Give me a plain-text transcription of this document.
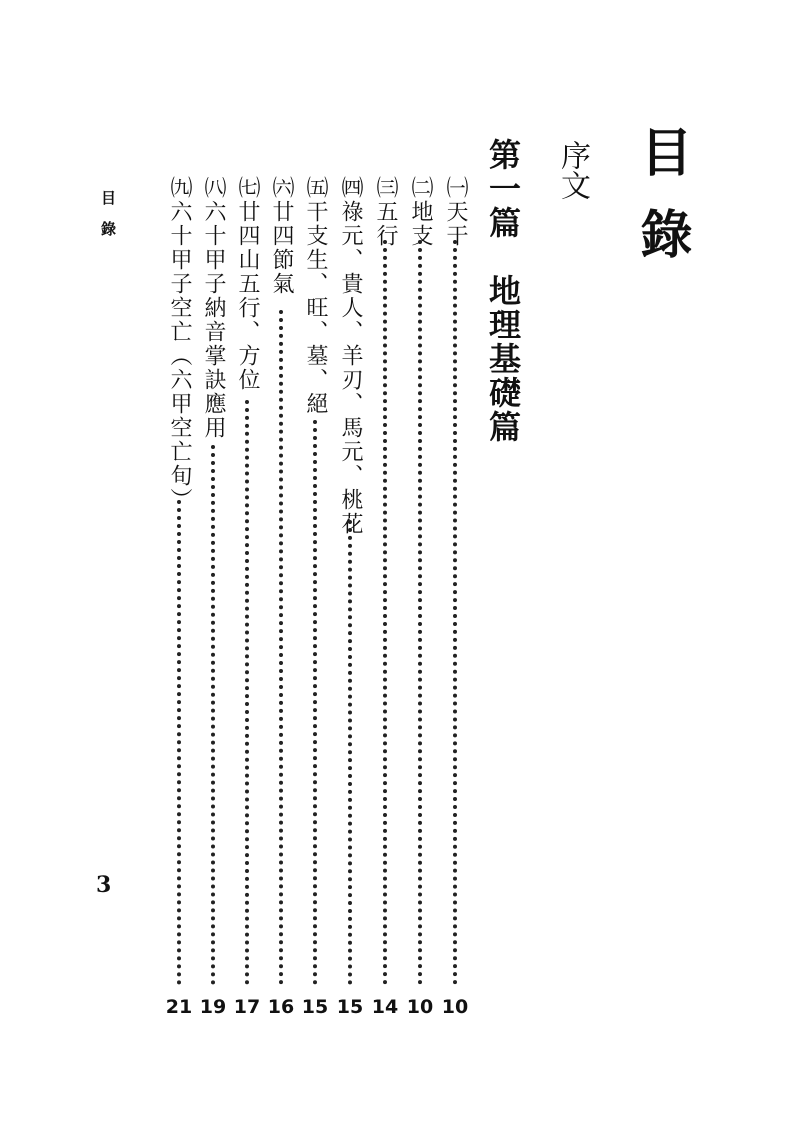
目錄
序文
第一篇　地理基礎篇
㈠天干
10
㈡地支
10
㈢五行
14
㈣祿元、貴人、羊刃、馬元、桃花
15
㈤干支生、旺、墓、絕
15
㈥廿四節氣
16
㈦廿四山五行、方位
17
㈧六十甲子納音掌訣應用
19
㈨六十甲子空亡（六甲空亡旬）
21
目錄
3
